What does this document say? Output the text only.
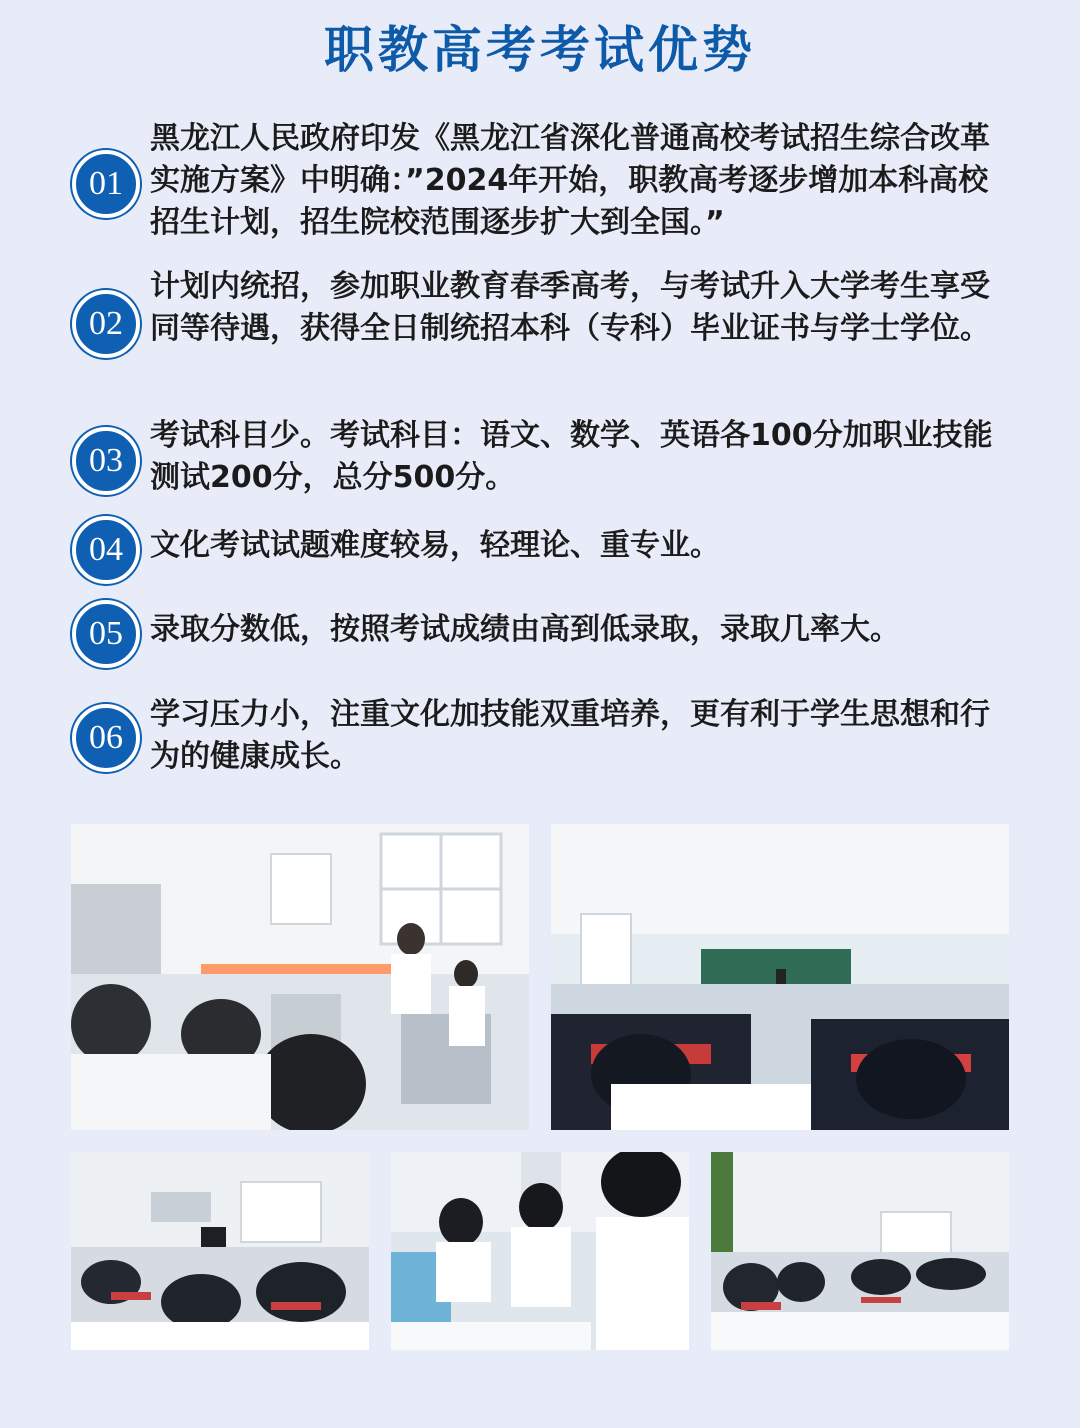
职教高考考试优势
01
黑龙江人民政府印发《黑龙江省深化普通高校考试招生综合改革实施方案》中明确：”2024年开始，职教高考逐步增加本科高校招生计划，招生院校范围逐步扩大到全国。”
02
计划内统招，参加职业教育春季高考，与考试升入大学考生享受同等待遇，获得全日制统招本科（专科）毕业证书与学士学位。
03
考试科目少。考试科目：语文、数学、英语各100分加职业技能测试200分，总分500分。
04 文化考试试题难度较易，轻理论、重专业。
05 录取分数低，按照考试成绩由高到低录取，录取几率大。
06
学习压力小，注重文化加技能双重培养，更有利于学生思想和行为的健康成长。
